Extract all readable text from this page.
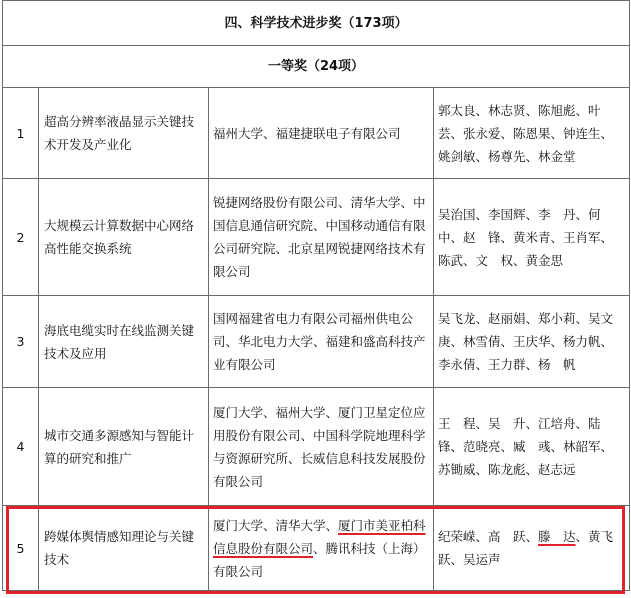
四、科学技术进步奖（173项）			
一等奖（24项）			
1	超高分辨率液晶显示关键技术开发及产业化	福州大学、福建捷联电子有限公司	郭太良、林志贤、陈旭彪、叶芸、张永爱、陈恩果、钟连生、姚剑敏、杨尊先、林金堂
2	大规模云计算数据中心网络高性能交换系统	锐捷网络股份有限公司、清华大学、中国信息通信研究院、中国移动通信有限公司研究院、北京星网锐捷网络技术有限公司	吴治国、李国辉、李　丹、何中、赵　锋、黄米青、王肖军、陈武、文　权、黄金思
3	海底电缆实时在线监测关键技术及应用	国网福建省电力有限公司福州供电公司、华北电力大学、福建和盛高科技产业有限公司	吴飞龙、赵丽娟、郑小莉、吴文庚、林雪倩、王庆华、杨力帆、李永倩、王力群、杨　帆
4	城市交通多源感知与智能计算的研究和推广	厦门大学、福州大学、厦门卫星定位应用股份有限公司、中国科学院地理科学与资源研究所、长威信息科技发展股份有限公司	王　程、吴　升、江培舟、陆　锋、范晓亮、臧　彧、林韶军、苏锄威、陈龙彪、赵志远
5	跨媒体舆情感知理论与关键技术	厦门大学、清华大学、厦门市美亚柏科信息股份有限公司、腾讯科技（上海）有限公司	纪荣嵘、高　跃、滕　达、黄飞跃、吴运声
